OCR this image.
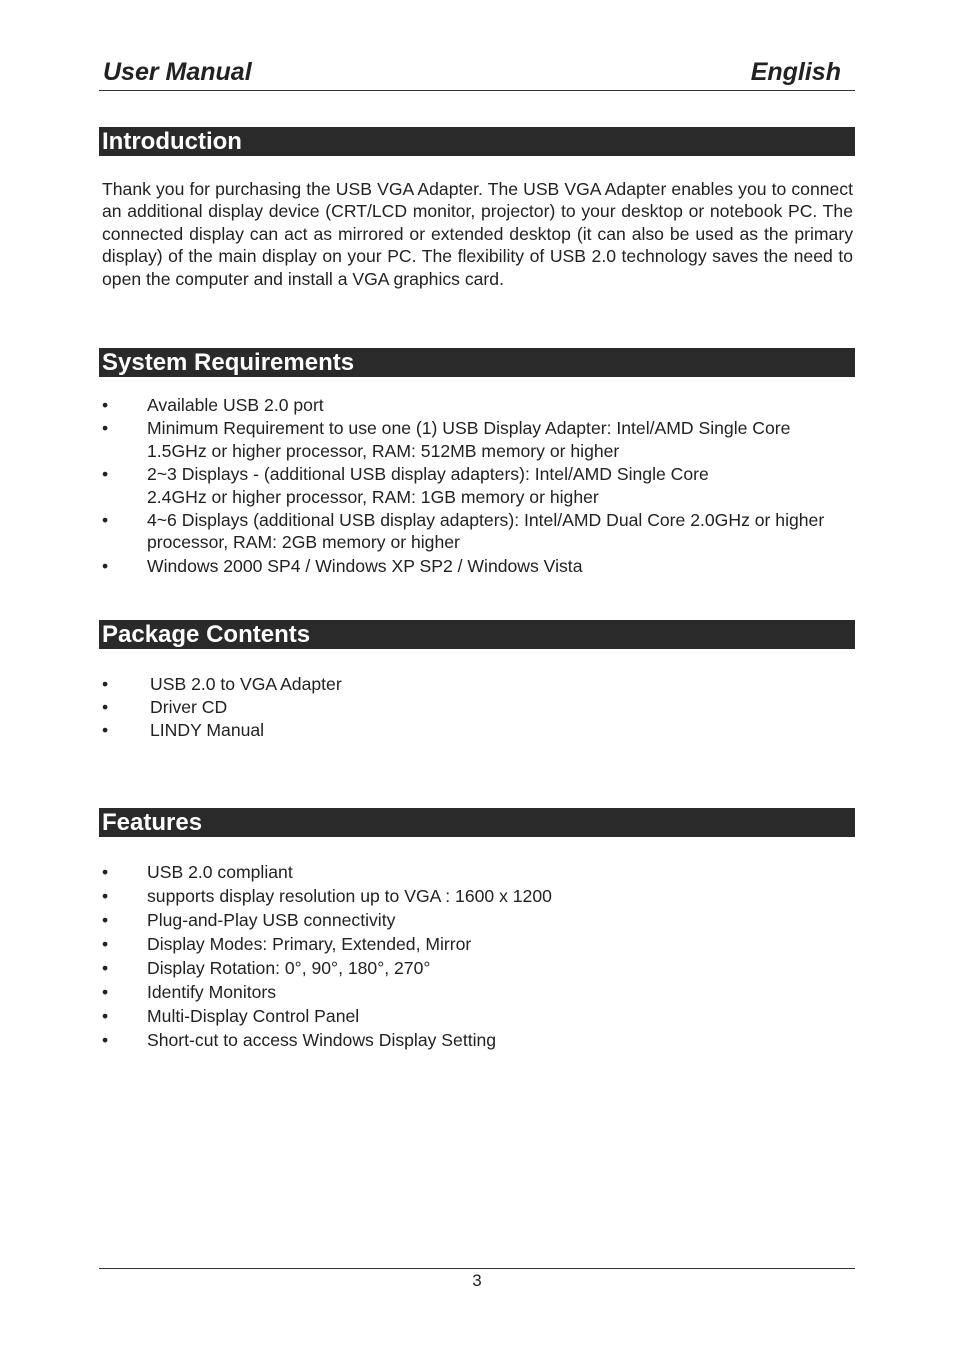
User Manual	English
Introduction
Thank you for purchasing the USB VGA Adapter. The USB VGA Adapter enables you to connect an additional display device (CRT/LCD monitor, projector) to your desktop or notebook PC. The connected display can act as mirrored or extended desktop (it can also be used as the primary display) of the main display on your PC. The flexibility of USB 2.0 technology saves the need to open the computer and install a VGA graphics card.
System Requirements
• Available USB 2.0 port
• Minimum Requirement to use one (1) USB Display Adapter: Intel/AMD Single Core 1.5GHz or higher processor, RAM: 512MB memory or higher
• 2~3 Displays - (additional USB display adapters): Intel/AMD Single Core 2.4GHz or higher processor, RAM: 1GB memory or higher
• 4~6 Displays (additional USB display adapters): Intel/AMD Dual Core 2.0GHz or higher processor, RAM: 2GB memory or higher
• Windows 2000 SP4 / Windows XP SP2 / Windows Vista
Package Contents
• USB 2.0 to VGA Adapter
• Driver CD
• LINDY Manual
Features
• USB 2.0 compliant
• supports display resolution up to VGA : 1600 x 1200
• Plug-and-Play USB connectivity
• Display Modes: Primary, Extended, Mirror
• Display Rotation: 0°, 90°, 180°, 270°
• Identify Monitors
• Multi-Display Control Panel
• Short-cut to access Windows Display Setting
3
